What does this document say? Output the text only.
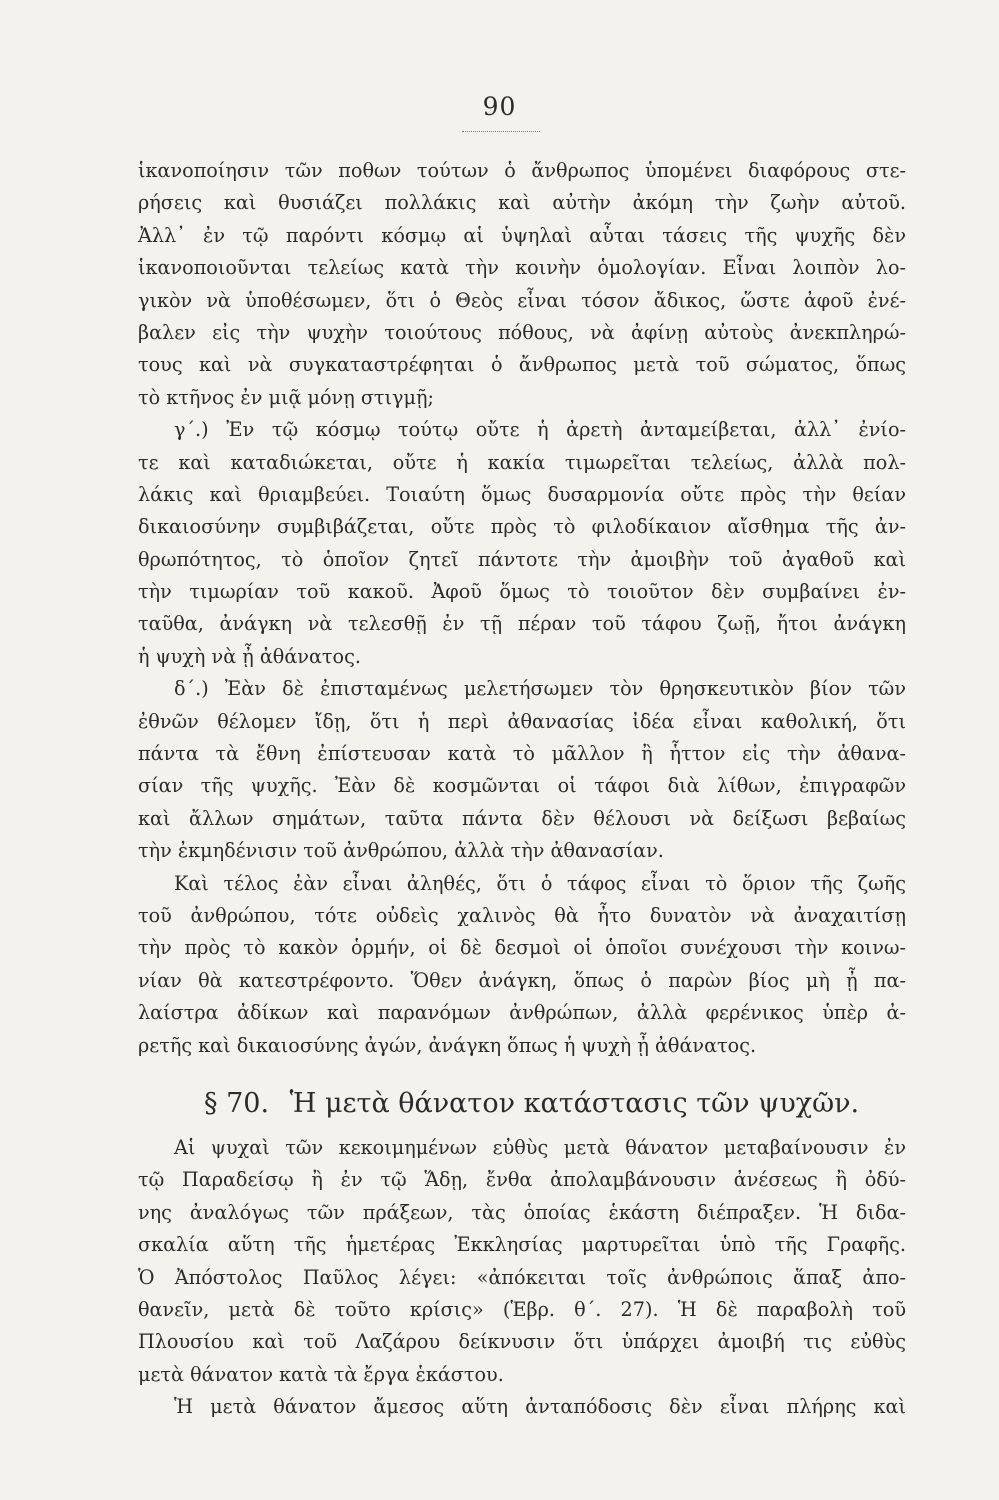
90
ἱκανοποίησιν τῶν ποθων τούτων ὁ ἄνθρωπος ὑπομένει διαφόρους στε-
ρήσεις καὶ θυσιάζει πολλάκις καὶ αὐτὴν ἀκόμη τὴν ζωὴν αὐτοῦ.
Ἀλλ᾽ ἐν τῷ παρόντι κόσμῳ αἱ ὑψηλαὶ αὗται τάσεις τῆς ψυχῆς δὲν
ἱκανοποιοῦνται τελείως κατὰ τὴν κοινὴν ὁμολογίαν. Εἶναι λοιπὸν λο-
γικὸν νὰ ὑποθέσωμεν, ὅτι ὁ Θεὸς εἶναι τόσον ἄδικος, ὥστε ἀφοῦ ἐνέ-
βαλεν εἰς τὴν ψυχὴν τοιούτους πόθους, νὰ ἀφίνῃ αὐτοὺς ἀνεκπληρώ-
τους καὶ νὰ συγκαταστρέφηται ὁ ἄνθρωπος μετὰ τοῦ σώματος, ὅπως
τὸ κτῆνος ἐν μιᾷ μόνῃ στιγμῇ;
γ΄.) Ἐν τῷ κόσμῳ τούτῳ οὔτε ἡ ἀρετὴ ἀνταμείβεται, ἀλλ᾽ ἐνίο-
τε καὶ καταδιώκεται, οὔτε ἡ κακία τιμωρεῖται τελείως, ἀλλὰ πολ-
λάκις καὶ θριαμβεύει. Τοιαύτη ὅμως δυσαρμονία οὔτε πρὸς τὴν θείαν
δικαιοσύνην συμβιβάζεται, οὔτε πρὸς τὸ φιλοδίκαιον αἴσθημα τῆς ἀν-
θρωπότητος, τὸ ὁποῖον ζητεῖ πάντοτε τὴν ἀμοιβὴν τοῦ ἀγαθοῦ καὶ
τὴν τιμωρίαν τοῦ κακοῦ. Ἀφοῦ ὅμως τὸ τοιοῦτον δὲν συμβαίνει ἐν-
ταῦθα, ἀνάγκη νὰ τελεσθῇ ἐν τῇ πέραν τοῦ τάφου ζωῇ, ἤτοι ἀνάγκη
ἡ ψυχὴ νὰ ᾖ ἀθάνατος.
δ΄.) Ἐὰν δὲ ἐπισταμένως μελετήσωμεν τὸν θρησκευτικὸν βίον τῶν
ἐθνῶν θέλομεν ἴδῃ, ὅτι ἡ περὶ ἀθανασίας ἰδέα εἶναι καθολική, ὅτι
πάντα τὰ ἔθνη ἐπίστευσαν κατὰ τὸ μᾶλλον ἢ ἧττον εἰς τὴν ἀθανα-
σίαν τῆς ψυχῆς. Ἐὰν δὲ κοσμῶνται οἱ τάφοι διὰ λίθων, ἐπιγραφῶν
καὶ ἄλλων σημάτων, ταῦτα πάντα δὲν θέλουσι νὰ δείξωσι βεβαίως
τὴν ἐκμηδένισιν τοῦ ἀνθρώπου, ἀλλὰ τὴν ἀθανασίαν.
Καὶ τέλος ἐὰν εἶναι ἀληθές, ὅτι ὁ τάφος εἶναι τὸ ὅριον τῆς ζωῆς
τοῦ ἀνθρώπου, τότε οὐδεὶς χαλινὸς θὰ ἦτο δυνατὸν νὰ ἀναχαιτίσῃ
τὴν πρὸς τὸ κακὸν ὁρμήν, οἱ δὲ δεσμοὶ οἱ ὁποῖοι συνέχουσι τὴν κοινω-
νίαν θὰ κατεστρέφοντο. Ὅθεν ἀνάγκη, ὅπως ὁ παρὼν βίος μὴ ᾖ πα-
λαίστρα ἀδίκων καὶ παρανόμων ἀνθρώπων, ἀλλὰ φερένικος ὑπὲρ ἀ-
ρετῆς καὶ δικαιοσύνης ἀγών, ἀνάγκη ὅπως ἡ ψυχὴ ᾖ ἀθάνατος.
§ 70. Ἡ μετὰ θάνατον κατάστασις τῶν ψυχῶν.
Αἱ ψυχαὶ τῶν κεκοιμημένων εὐθὺς μετὰ θάνατον μεταβαίνουσιν ἐν
τῷ Παραδείσῳ ἢ ἐν τῷ Ἅδῃ, ἔνθα ἀπολαμβάνουσιν ἀνέσεως ἢ ὀδύ-
νης ἀναλόγως τῶν πράξεων, τὰς ὁποίας ἑκάστη διέπραξεν. Ἡ διδα-
σκαλία αὕτη τῆς ἡμετέρας Ἐκκλησίας μαρτυρεῖται ὑπὸ τῆς Γραφῆς.
Ὁ Ἀπόστολος Παῦλος λέγει: «ἀπόκειται τοῖς ἀνθρώποις ἅπαξ ἀπο-
θανεῖν, μετὰ δὲ τοῦτο κρίσις» (Ἑβρ. θ΄. 27). Ἡ δὲ παραβολὴ τοῦ
Πλουσίου καὶ τοῦ Λαζάρου δείκνυσιν ὅτι ὑπάρχει ἀμοιβή τις εὐθὺς
μετὰ θάνατον κατὰ τὰ ἔργα ἑκάστου.
Ἡ μετὰ θάνατον ἄμεσος αὕτη ἀνταπόδοσις δὲν εἶναι πλήρης καὶ
